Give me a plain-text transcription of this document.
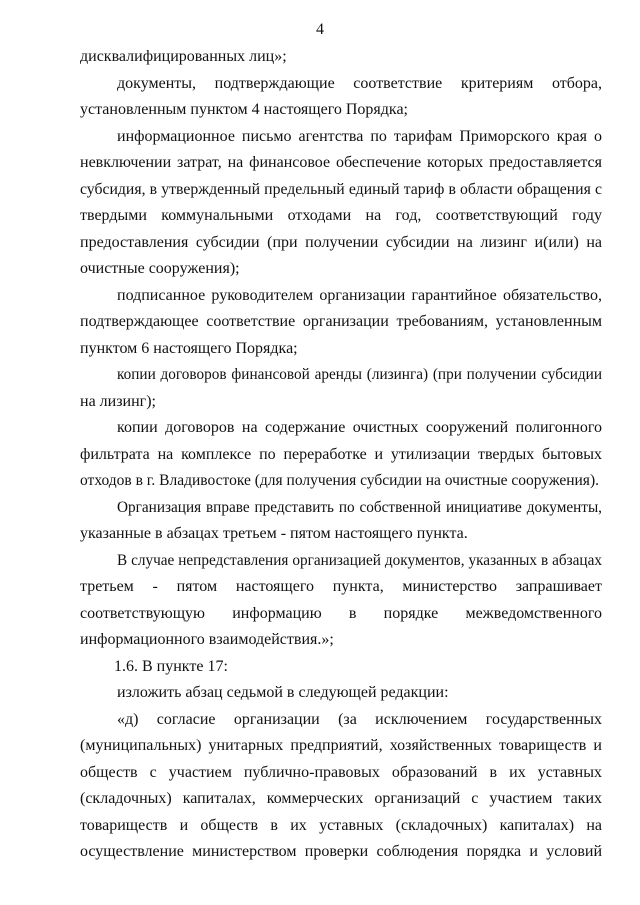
4
дисквалифицированных лиц»;
документы, подтверждающие соответствие критериям отбора,
установленным пунктом 4 настоящего Порядка;
информационное письмо агентства по тарифам Приморского края о
невключении затрат, на финансовое обеспечение которых предоставляется
субсидия, в утвержденный предельный единый тариф в области обращения с
твердыми коммунальными отходами на год, соответствующий году
предоставления субсидии (при получении субсидии на лизинг и(или) на
очистные сооружения);
подписанное руководителем организации гарантийное обязательство,
подтверждающее соответствие организации требованиям, установленным
пунктом 6 настоящего Порядка;
копии договоров финансовой аренды (лизинга) (при получении субсидии
на лизинг);
копии договоров на содержание очистных сооружений полигонного
фильтрата на комплексе по переработке и утилизации твердых бытовых
отходов в г. Владивостоке (для получения субсидии на очистные сооружения).
Организация вправе представить по собственной инициативе документы,
указанные в абзацах третьем - пятом настоящего пункта.
В случае непредставления организацией документов, указанных в абзацах
третьем - пятом настоящего пункта, министерство запрашивает
соответствующую информацию в порядке межведомственного
информационного взаимодействия.»;
1.6. В пункте 17:
изложить абзац седьмой в следующей редакции:
«д) согласие организации (за исключением государственных
(муниципальных) унитарных предприятий, хозяйственных товариществ и
обществ с участием публично-правовых образований в их уставных
(складочных) капиталах, коммерческих организаций с участием таких
товариществ и обществ в их уставных (складочных) капиталах) на
осуществление министерством проверки соблюдения порядка и условий
